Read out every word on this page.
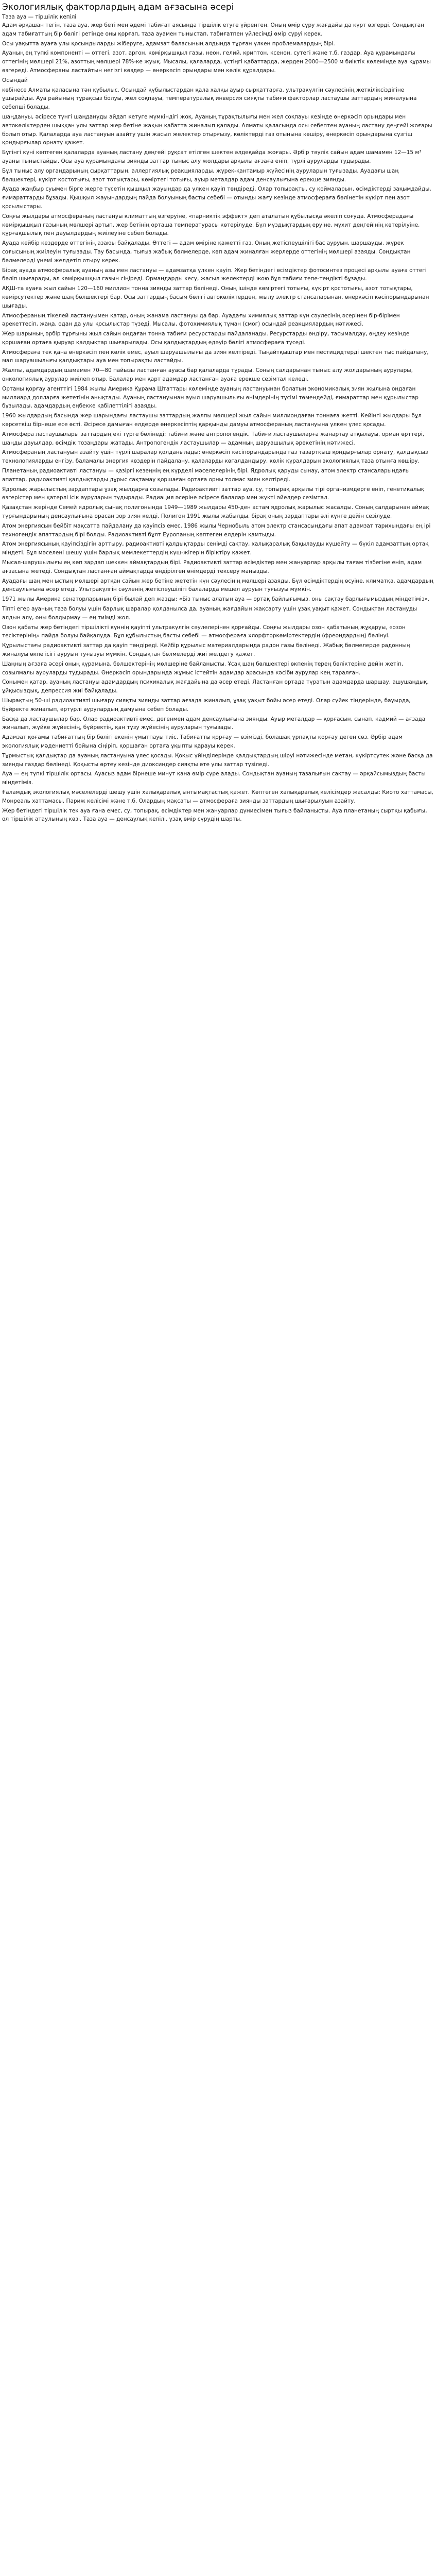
Экологиялық факторлардың адам ағзасына әсері
Таза ауа — тіршілік кепілі

Адам әрқашан тегін, таза ауа, жер беті мен әдемі табиғат аясында тіршілік етуге үйренген. Оның өмір сүру жағдайы да күрт өзгерді. Сондықтан адам табиғаттың бір бөлігі ретінде оны қорғап, таза ауамен тыныстап, табиғатпен үйлесімді өмір сүруі керек.

Осы уақытта ауаға улы қосындыларды жіберуге, адамзат баласының алдында тұрған үлкен проблемалардың бірі.

Ауаның ең түпкі компоненті — оттегі, азот, аргон, көмірқышқыл газы, неон, гелий, криптон, ксенон, сутегі және т.б. газдар. Ауа құрамындағы оттегінің мөлшері 21%, азоттың мөлшері 78%-ке жуық. Мысалы, қалаларда, үстіңгі қабаттарда, жерден 2000—2500 м биіктік көлемінде ауа құрамы өзгереді. Атмосфераны ластайтын негізгі көздер — өнеркәсіп орындары мен көлік құралдары.

Осындай

көбінесе Алматы қаласына тән құбылыс. Осындай құбылыстардан қала халқы ауыр сырқаттарға, ультракүлгін сәулесінің жеткіліксіздігіне ұшырайды. Ауа райының тұрақсыз болуы, жел соқпауы, температуралық инверсия сияқты табиғи факторлар ластаушы заттардың жиналуына себепші болады.

шаңдануы, әсіресе түнгі шаңдануды айдап кетуге мүмкіндігі жоқ. Ауаның тұрақтылығы мен жел соқпауы кезінде өнеркәсіп орындары мен автокөліктерден шыққан улы заттар жер бетіне жақын қабатта жиналып қалады. Алматы қаласында осы себептен ауаның ластану деңгейі жоғары болып отыр. Қалаларда ауа ластануын азайту үшін жасыл желектер отырғызу, көліктерді газ отынына көшіру, өнеркәсіп орындарына сүзгіш қондырғылар орнату қажет.

Бүгінгі күні көптеген қалаларда ауаның ластану деңгейі рұқсат етілген шектен әлдеқайда жоғары. Әрбір тәулік сайын адам шамамен 12—15 м³ ауаны тыныстайды. Осы ауа құрамындағы зиянды заттар тыныс алу жолдары арқылы ағзаға еніп, түрлі ауруларды тудырады.

Бұл тыныс алу органдарының сырқаттарын, аллергиялық реакцияларды, жүрек-қантамыр жүйесінің ауруларын туғызады. Ауадағы шаң бөлшектері, күкірт қостотығы, азот тотықтары, көміртегі тотығы, ауыр металдар адам денсаулығына ерекше зиянды.

Ауада жаңбыр суымен бірге жерге түсетін қышқыл жауындар да үлкен қауіп төндіреді. Олар топырақты, су қоймаларын, өсімдіктерді зақымдайды, ғимараттарды бұзады. Қышқыл жауындардың пайда болуының басты себебі — отынды жағу кезінде атмосфераға бөлінетін күкірт пен азот қосылыстары.

Соңғы жылдары атмосфераның ластануы климаттың өзгеруіне, «парниктік эффект» деп аталатын құбылысқа әкеліп соғуда. Атмосферадағы көмірқышқыл газының мөлшері артып, жер бетінің орташа температурасы көтерілуде. Бұл мұздықтардың еруіне, мұхит деңгейінің көтерілуіне, құрғақшылық пен дауылдардың жиілеуіне себеп болады.

Ауада кейбір кездерде өттегінің азаюы байқалады. Өттегі — адам өміріне қажетті газ. Оның жетіспеушілігі бас ауруын, шаршауды, жүрек соғысының жиілеуін туғызады. Тау басында, тығыз жабық бөлмелерде, көп адам жиналған жерлерде оттегінің мөлшері азаяды. Сондықтан бөлмелерді үнемі желдетіп отыру керек.

Бірақ ауада атмосфералық ауаның азы мен ластануы — адамзатқа үлкен қауіп. Жер бетіндегі өсімдіктер фотосинтез процесі арқылы ауаға оттегі бөліп шығарады, ал көмірқышқыл газын сіңіреді. Ормандарды кесу, жасыл желектерді жою бұл табиғи тепе-теңдікті бұзады.

АҚШ-та ауаға жыл сайын 120—160 миллион тонна зиянды заттар бөлінеді. Оның ішінде көміртегі тотығы, күкірт қостотығы, азот тотықтары, көмірсутектер және шаң бөлшектері бар. Осы заттардың басым бөлігі автокөліктерден, жылу электр стансаларынан, өнеркәсіп кәсіпорындарынан шығады.

Атмосфераның тікелей ластануымен қатар, оның жанама ластануы да бар. Ауадағы химиялық заттар күн сәулесінің әсерінен бір-бірімен әрекеттесіп, жаңа, одан да улы қосылыстар түзеді. Мысалы, фотохимиялық тұман (смог) осындай реакциялардың нәтижесі.

Жер шарының әрбір тұрғыны жыл сайын ондаған тонна табиғи ресурстарды пайдаланады. Ресурстарды өндіру, тасымалдау, өңдеу кезінде қоршаған ортаға қыруар қалдықтар шығарылады. Осы қалдықтардың едәуір бөлігі атмосфераға түседі.

Атмосфераға тек қана өнеркәсіп пен көлік емес, ауыл шаруашылығы да зиян келтіреді. Тыңайтқыштар мен пестицидтерді шектен тыс пайдалану, мал шаруашылығы қалдықтары ауа мен топырақты ластайды.

Жалпы, адамдардың шамамен 70—80 пайызы ластанған ауасы бар қалаларда тұрады. Соның салдарынан тыныс алу жолдарының аурулары, онкологиялық аурулар жиілеп отыр. Балалар мен қарт адамдар ластанған ауаға ерекше сезімтал келеді.

Ортаны қорғау агенттігі 1984 жылы Америка Құрама Штаттары көлемінде ауаның ластануынан болатын экономикалық зиян жылына ондаған миллиард долларға жететінін анықтады. Ауаның ластануынан ауыл шаруашылығы өнімдерінің түсімі төмендейді, ғимараттар мен құрылыстар бұзылады, адамдардың еңбекке қабілеттілігі азаяды.

1960 жылдардың басында жер шарындағы ластаушы заттардың жалпы мөлшері жыл сайын миллиондаған тоннаға жетті. Кейінгі жылдары бұл көрсеткіш бірнеше есе өсті. Әсіресе дамыған елдерде өнеркәсіптің қарқынды дамуы атмосфераның ластануына үлкен үлес қосады.

Атмосфера ластаушылары заттардың екі түрге бөлінеді: табиғи және антропогендік. Табиғи ластаушыларға жанартау атқылауы, орман өрттері, шаңды дауылдар, өсімдік тозаңдары жатады. Антропогендік ластаушылар — адамның шаруашылық әрекетінің нәтижесі.

Атмосфераның ластануын азайту үшін түрлі шаралар қолданылады: өнеркәсіп кәсіпорындарында газ тазартқыш қондырғылар орнату, қалдықсыз технологияларды енгізу, баламалы энергия көздерін пайдалану, қалаларды көгалдандыру, көлік құралдарын экологиялық таза отынға көшіру.

Планетаның радиоактивті ластануы — қазіргі кезеңнің ең күрделі мәселелерінің бірі. Ядролық қаруды сынау, атом электр стансаларындағы апаттар, радиоактивті қалдықтарды дұрыс сақтамау қоршаған ортаға орны толмас зиян келтіреді.

Ядролық жарылыстың зардаптары ұзақ жылдарға созылады. Радиоактивті заттар ауа, су, топырақ арқылы тірі организмдерге еніп, генетикалық өзгерістер мен қатерлі ісік ауруларын тудырады. Радиация әсеріне әсіресе балалар мен жүкті әйелдер сезімтал.

Қазақстан жерінде Семей ядролық сынақ полигонында 1949—1989 жылдары 450-ден астам ядролық жарылыс жасалды. Соның салдарынан аймақ тұрғындарының денсаулығына орасан зор зиян келді. Полигон 1991 жылы жабылды, бірақ оның зардаптары әлі күнге дейін сезілуде.

Атом энергиясын бейбіт мақсатта пайдалану да қауіпсіз емес. 1986 жылы Чернобыль атом электр стансасындағы апат адамзат тарихындағы ең ірі техногендік апаттардың бірі болды. Радиоактивті бұлт Еуропаның көптеген елдерін қамтыды.

Атом энергиясының қауіпсіздігін арттыру, радиоактивті қалдықтарды сенімді сақтау, халықаралық бақылауды күшейту — бүкіл адамзаттың ортақ міндеті. Бұл мәселені шешу үшін барлық мемлекеттердің күш-жігерін біріктіру қажет.

Мысал-шарушылығы ең көп зардап шеккен аймақтардың бірі. Радиоактивті заттар өсімдіктер мен жануарлар арқылы тағам тізбегіне еніп, адам ағзасына жетеді. Сондықтан ластанған аймақтарда өндірілген өнімдерді тексеру маңызды.

Ауадағы шаң мен ыстың мөлшері артқан сайын жер бетіне жететін күн сәулесінің мөлшері азаяды. Бұл өсімдіктердің өсуіне, климатқа, адамдардың денсаулығына әсер етеді. Ультракүлгін сәуленің жетіспеушілігі балаларда мешел ауруын туғызуы мүмкін.

1971 жылы Америка сенаторларының бірі былай деп жазды: «Біз тыныс алатын ауа — ортақ байлығымыз, оны сақтау барлығымыздың міндетіміз».

Тіпті егер ауаның таза болуы үшін барлық шаралар қолданылса да, ауаның жағдайын жақсарту үшін ұзақ уақыт қажет. Сондықтан ластануды алдын алу, оны болдырмау — ең тиімді жол.

Озон қабаты жер бетіндегі тіршілікті күннің қауіпті ультракүлгін сәулелерінен қорғайды. Соңғы жылдары озон қабатының жұқаруы, «озон тесіктерінің» пайда болуы байқалуда. Бұл құбылыстың басты себебі — атмосфераға хлорфторкөміртектердің (фреондардың) бөлінуі.

Құрылыстағы радиоактивті заттар да қауіп төндіреді. Кейбір құрылыс материалдарында радон газы бөлінеді. Жабық бөлмелерде радонның жиналуы өкпе ісігі ауруын туғызуы мүмкін. Сондықтан бөлмелерді жиі желдету қажет.

Шаңның ағзаға әсері оның құрамына, бөлшектерінің мөлшеріне байланысты. Ұсақ шаң бөлшектері өкпенің терең бөліктеріне дейін жетіп, созылмалы ауруларды тудырады. Өнеркәсіп орындарында жұмыс істейтін адамдар арасында кәсіби аурулар кең таралған.

Сонымен қатар, ауаның ластануы адамдардың психикалық жағдайына да әсер етеді. Ластанған ортада тұратын адамдарда шаршау, ашушаңдық, ұйқысыздық, депрессия жиі байқалады.

Шырақтың 50-ші радиоактивті шығару сияқты зиянды заттар ағзада жиналып, ұзақ уақыт бойы әсер етеді. Олар сүйек тіндерінде, бауырда, бүйректе жиналып, әртүрлі аурулардың дамуына себеп болады.

Басқа да ластаушылар бар. Олар радиоактивті емес, дегенмен адам денсаулығына зиянды. Ауыр металдар — қорғасын, сынап, кадмий — ағзада жиналып, жүйке жүйесінің, бүйректің, қан түзу жүйесінің ауруларын туғызады.

Адамзат қоғамы табиғаттың бір бөлігі екенін ұмытпауы тиіс. Табиғатты қорғау — өзімізді, болашақ ұрпақты қорғау деген сөз. Әрбір адам экологиялық мәдениетті бойына сіңіріп, қоршаған ортаға ұқыпты қарауы керек.

Тұрмыстық қалдықтар да ауаның ластануына үлес қосады. Қоқыс үйінділерінде қалдықтардың шіруі нәтижесінде метан, күкіртсутек және басқа да зиянды газдар бөлінеді. Қоқысты өртеу кезінде диоксиндер сияқты өте улы заттар түзіледі.

Ауа — ең түпкі тіршілік ортасы. Ауасыз адам бірнеше минут қана өмір сүре алады. Сондықтан ауаның тазалығын сақтау — әрқайсымыздың басты міндетіміз.

Ғаламдық экологиялық мәселелерді шешу үшін халықаралық ынтымақтастық қажет. Көптеген халықаралық келісімдер жасалды: Киото хаттамасы, Монреаль хаттамасы, Париж келісімі және т.б. Олардың мақсаты — атмосфераға зиянды заттардың шығарылуын азайту.

Жер бетіндегі тіршілік тек ауа ғана емес, су, топырақ, өсімдіктер мен жануарлар дүниесімен тығыз байланысты. Ауа планетаның сыртқы қабығы, ол тіршілік атаулының көзі. Таза ауа — денсаулық кепілі, ұзақ өмір сүрудің шарты.
